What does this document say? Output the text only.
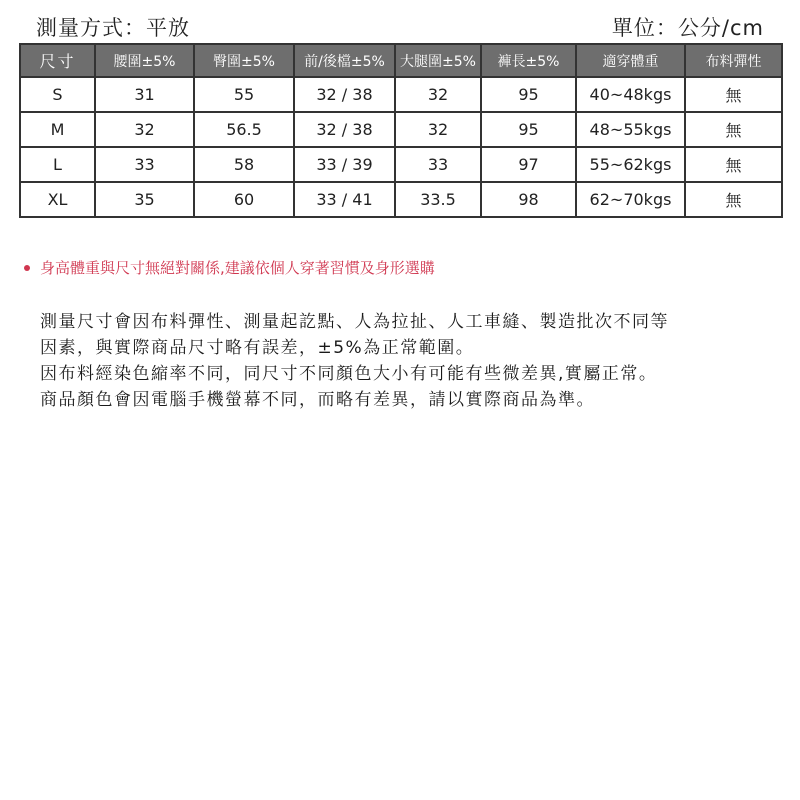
測量方式：平放	單位：公分/cm
尺寸	腰圍±5%	臀圍±5%	前/後檔±5%	大腿圍±5%	褲長±5%	適穿體重	布料彈性
S	31	55	32 / 38	32	95	40~48kgs	無
M	32	56.5	32 / 38	32	95	48~55kgs	無
L	33	58	33 / 39	33	97	55~62kgs	無
XL	35	60	33 / 41	33.5	98	62~70kgs	無
身高體重與尺寸無絕對關係,建議依個人穿著習慣及身形選購

測量尺寸會因布料彈性、測量起訖點、人為拉扯、人工車縫、製造批次不同等

因素，與實際商品尺寸略有誤差，±5%為正常範圍。

因布料經染色縮率不同，同尺寸不同顏色大小有可能有些微差異,實屬正常。

商品顏色會因電腦手機螢幕不同，而略有差異，請以實際商品為準。
